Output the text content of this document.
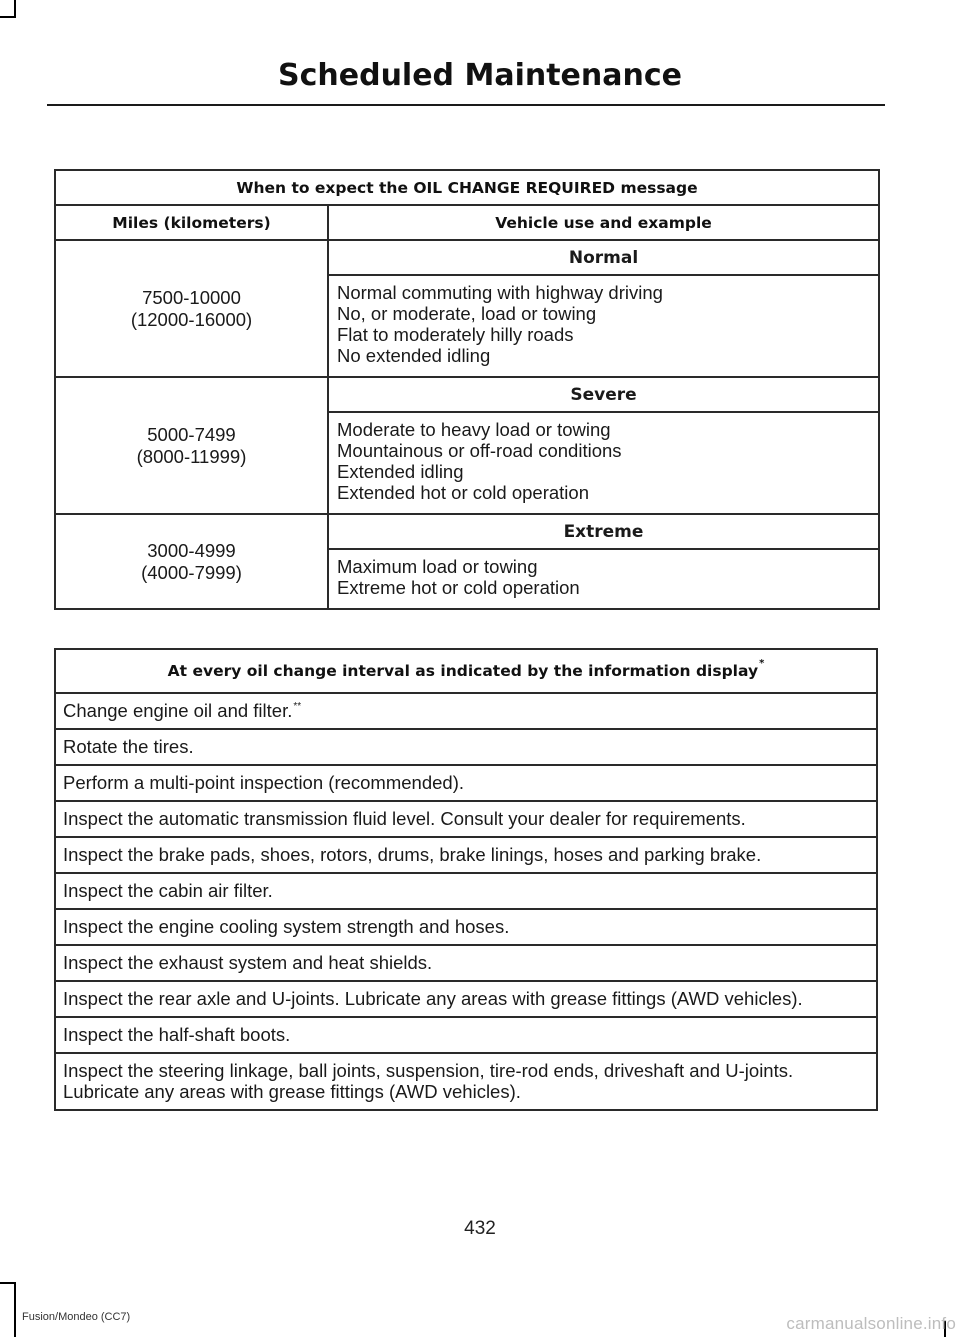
Scheduled Maintenance
When to expect the OIL CHANGE REQUIRED message	
Miles (kilometers)	Vehicle use and example

7500-10000
(12000-16000)	Normal

	Normal commuting with highway driving
No, or moderate, load or towing
Flat to moderately hilly roads
No extended idling

5000-7499
(8000-11999)	Severe

	Moderate to heavy load or towing
Mountainous or off-road conditions
Extended idling
Extended hot or cold operation

3000-4999
(4000-7999)	Extreme

	Maximum load or towing
Extreme hot or cold operation
At every oil change interval as indicated by the information display*
Change engine oil and filter.**
Rotate the tires.
Perform a multi-point inspection (recommended).
Inspect the automatic transmission fluid level. Consult your dealer for requirements.
Inspect the brake pads, shoes, rotors, drums, brake linings, hoses and parking brake.
Inspect the cabin air filter.
Inspect the engine cooling system strength and hoses.
Inspect the exhaust system and heat shields.
Inspect the rear axle and U-joints. Lubricate any areas with grease fittings (AWD vehicles).
Inspect the half-shaft boots.
Inspect the steering linkage, ball joints, suspension, tire-rod ends, driveshaft and U-joints. Lubricate any areas with grease fittings (AWD vehicles).
432
Fusion/Mondeo (CC7)	carmanualsonline.info
